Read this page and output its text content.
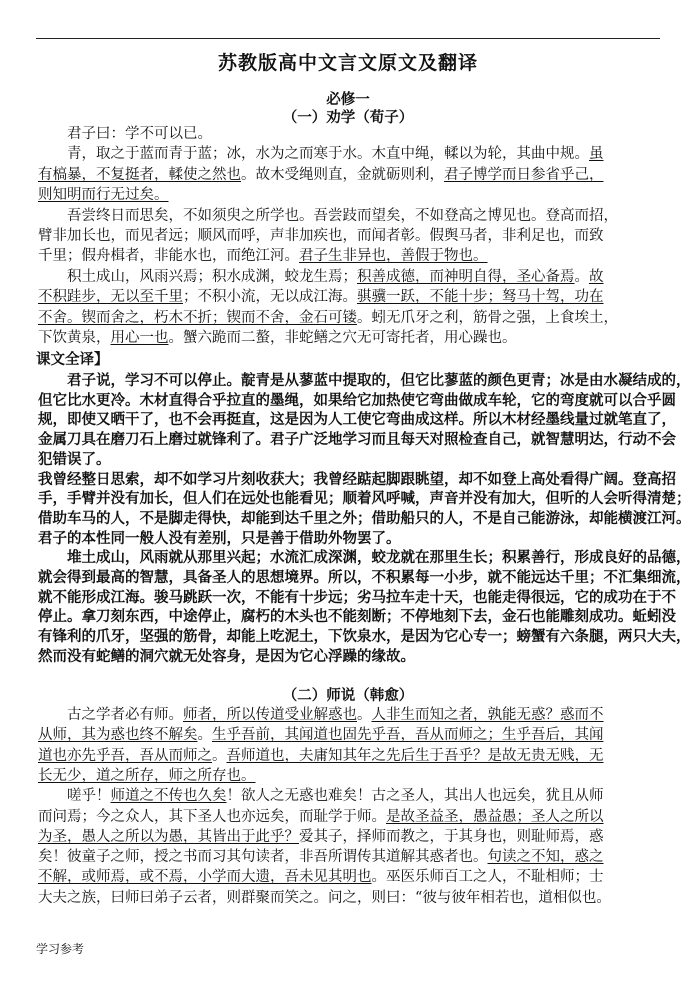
苏教版高中文言文原文及翻译
必修一
（一）劝学（荀子）
（二）师说（韩愈）
　　君子曰：学不可以已。
　　青，取之于蓝而青于蓝；冰，水为之而寒于水。木直中绳，輮以为轮，其曲中规。虽
有槁暴，不复挺者，輮使之然也。故木受绳则直，金就砺则利，君子博学而日参省乎己，
则知明而行无过矣。
　　吾尝终日而思矣，不如须臾之所学也。吾尝跂而望矣，不如登高之博见也。登高而招，
臂非加长也，而见者远；顺风而呼，声非加疾也，而闻者彰。假舆马者，非利足也，而致
千里；假舟楫者，非能水也，而绝江河。君子生非异也，善假于物也。
　　积土成山，风雨兴焉；积水成渊，蛟龙生焉；积善成德，而神明自得，圣心备焉。故
不积跬步，无以至千里；不积小流，无以成江海。骐骥一跃，不能十步；驽马十驾，功在
不舍。锲而舍之，朽木不折；锲而不舍，金石可镂。蚓无爪牙之利，筋骨之强，上食埃土，
下饮黄泉，用心一也。蟹六跪而二螯，非蛇鳝之穴无可寄托者，用心躁也。
课文全译】
　　君子说，学习不可以停止。靛青是从蓼蓝中提取的，但它比蓼蓝的颜色更青；冰是由水凝结成的，
但它比水更冷。木材直得合乎拉直的墨绳，如果给它加热使它弯曲做成车轮，它的弯度就可以合乎圆
规，即使又晒干了，也不会再挺直，这是因为人工使它弯曲成这样。所以木材经墨线量过就笔直了，
金属刀具在磨刀石上磨过就锋利了。君子广泛地学习而且每天对照检查自己，就智慧明达，行动不会
犯错误了。
我曾经整日思索，却不如学习片刻收获大；我曾经踮起脚跟眺望，却不如登上高处看得广阔。登高招
手，手臂并没有加长，但人们在远处也能看见；顺着风呼喊，声音并没有加大，但听的人会听得清楚；
借助车马的人，不是脚走得快，却能到达千里之外；借助船只的人，不是自己能游泳，却能横渡江河。
君子的本性同一般人没有差别，只是善于借助外物罢了。
　　堆土成山，风雨就从那里兴起；水流汇成深渊，蛟龙就在那里生长；积累善行，形成良好的品德，
就会得到最高的智慧，具备圣人的思想境界。所以，不积累每一小步，就不能远达千里；不汇集细流，
就不能形成江海。骏马跳跃一次，不能有十步远；劣马拉车走十天，也能走得很远，它的成功在于不
停止。拿刀刻东西，中途停止，腐朽的木头也不能刻断；不停地刻下去，金石也能雕刻成功。蚯蚓没
有锋利的爪牙，坚强的筋骨，却能上吃泥土，下饮泉水，是因为它心专一；螃蟹有六条腿，两只大夫，
然而没有蛇鳝的洞穴就无处容身，是因为它心浮躁的缘故。
　　古之学者必有师。师者，所以传道受业解惑也。人非生而知之者，孰能无惑？惑而不
从师，其为惑也终不解矣。生乎吾前，其闻道也固先乎吾，吾从而师之；生乎吾后，其闻
道也亦先乎吾，吾从而师之。吾师道也，夫庸知其年之先后生于吾乎？是故无贵无贱，无
长无少，道之所存，师之所存也。
　　嗟乎！师道之不传也久矣！欲人之无惑也难矣！古之圣人，其出人也远矣，犹且从师
而问焉；今之众人，其下圣人也亦远矣，而耻学于师。是故圣益圣，愚益愚；圣人之所以
为圣，愚人之所以为愚，其皆出于此乎？爱其子，择师而教之，于其身也，则耻师焉，惑
矣！彼童子之师，授之书而习其句读者，非吾所谓传其道解其惑者也。句读之不知，惑之
不解，或师焉，或不焉，小学而大遗，吾未见其明也。巫医乐师百工之人，不耻相师；士
大夫之族，曰师曰弟子云者，则群聚而笑之。问之，则曰：“彼与彼年相若也，道相似也。
学习参考
